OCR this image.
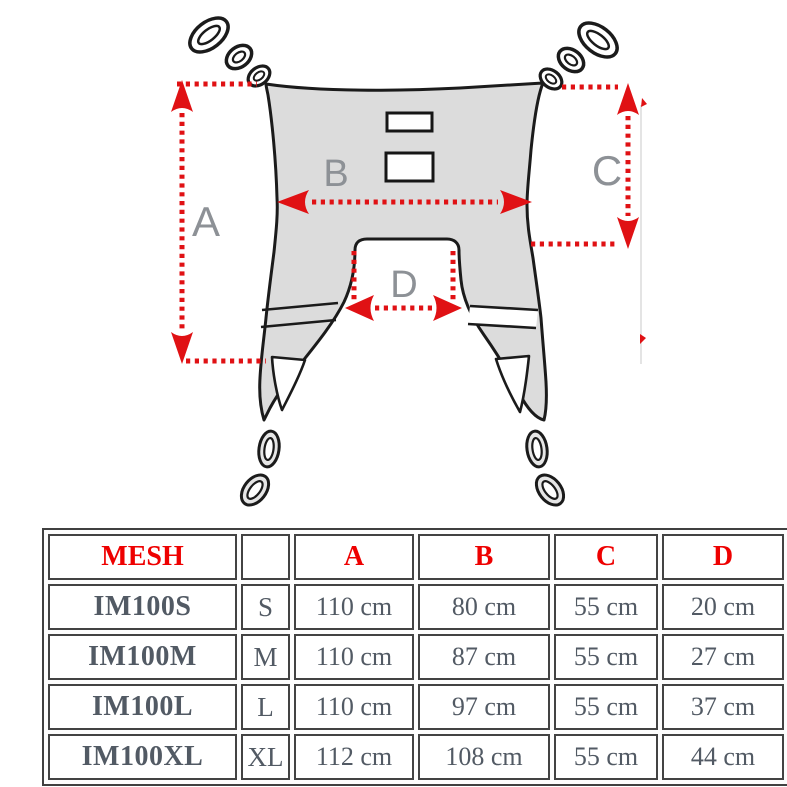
A
B	C
D
MESH		A	B	C	D
IM100S	S	110 cm	80 cm	55 cm	20 cm
IM100M	M	110 cm	87 cm	55 cm	27 cm
IM100L	L	110 cm	97 cm	55 cm	37 cm
IM100XL	XL	112 cm	108 cm	55 cm	44 cm
